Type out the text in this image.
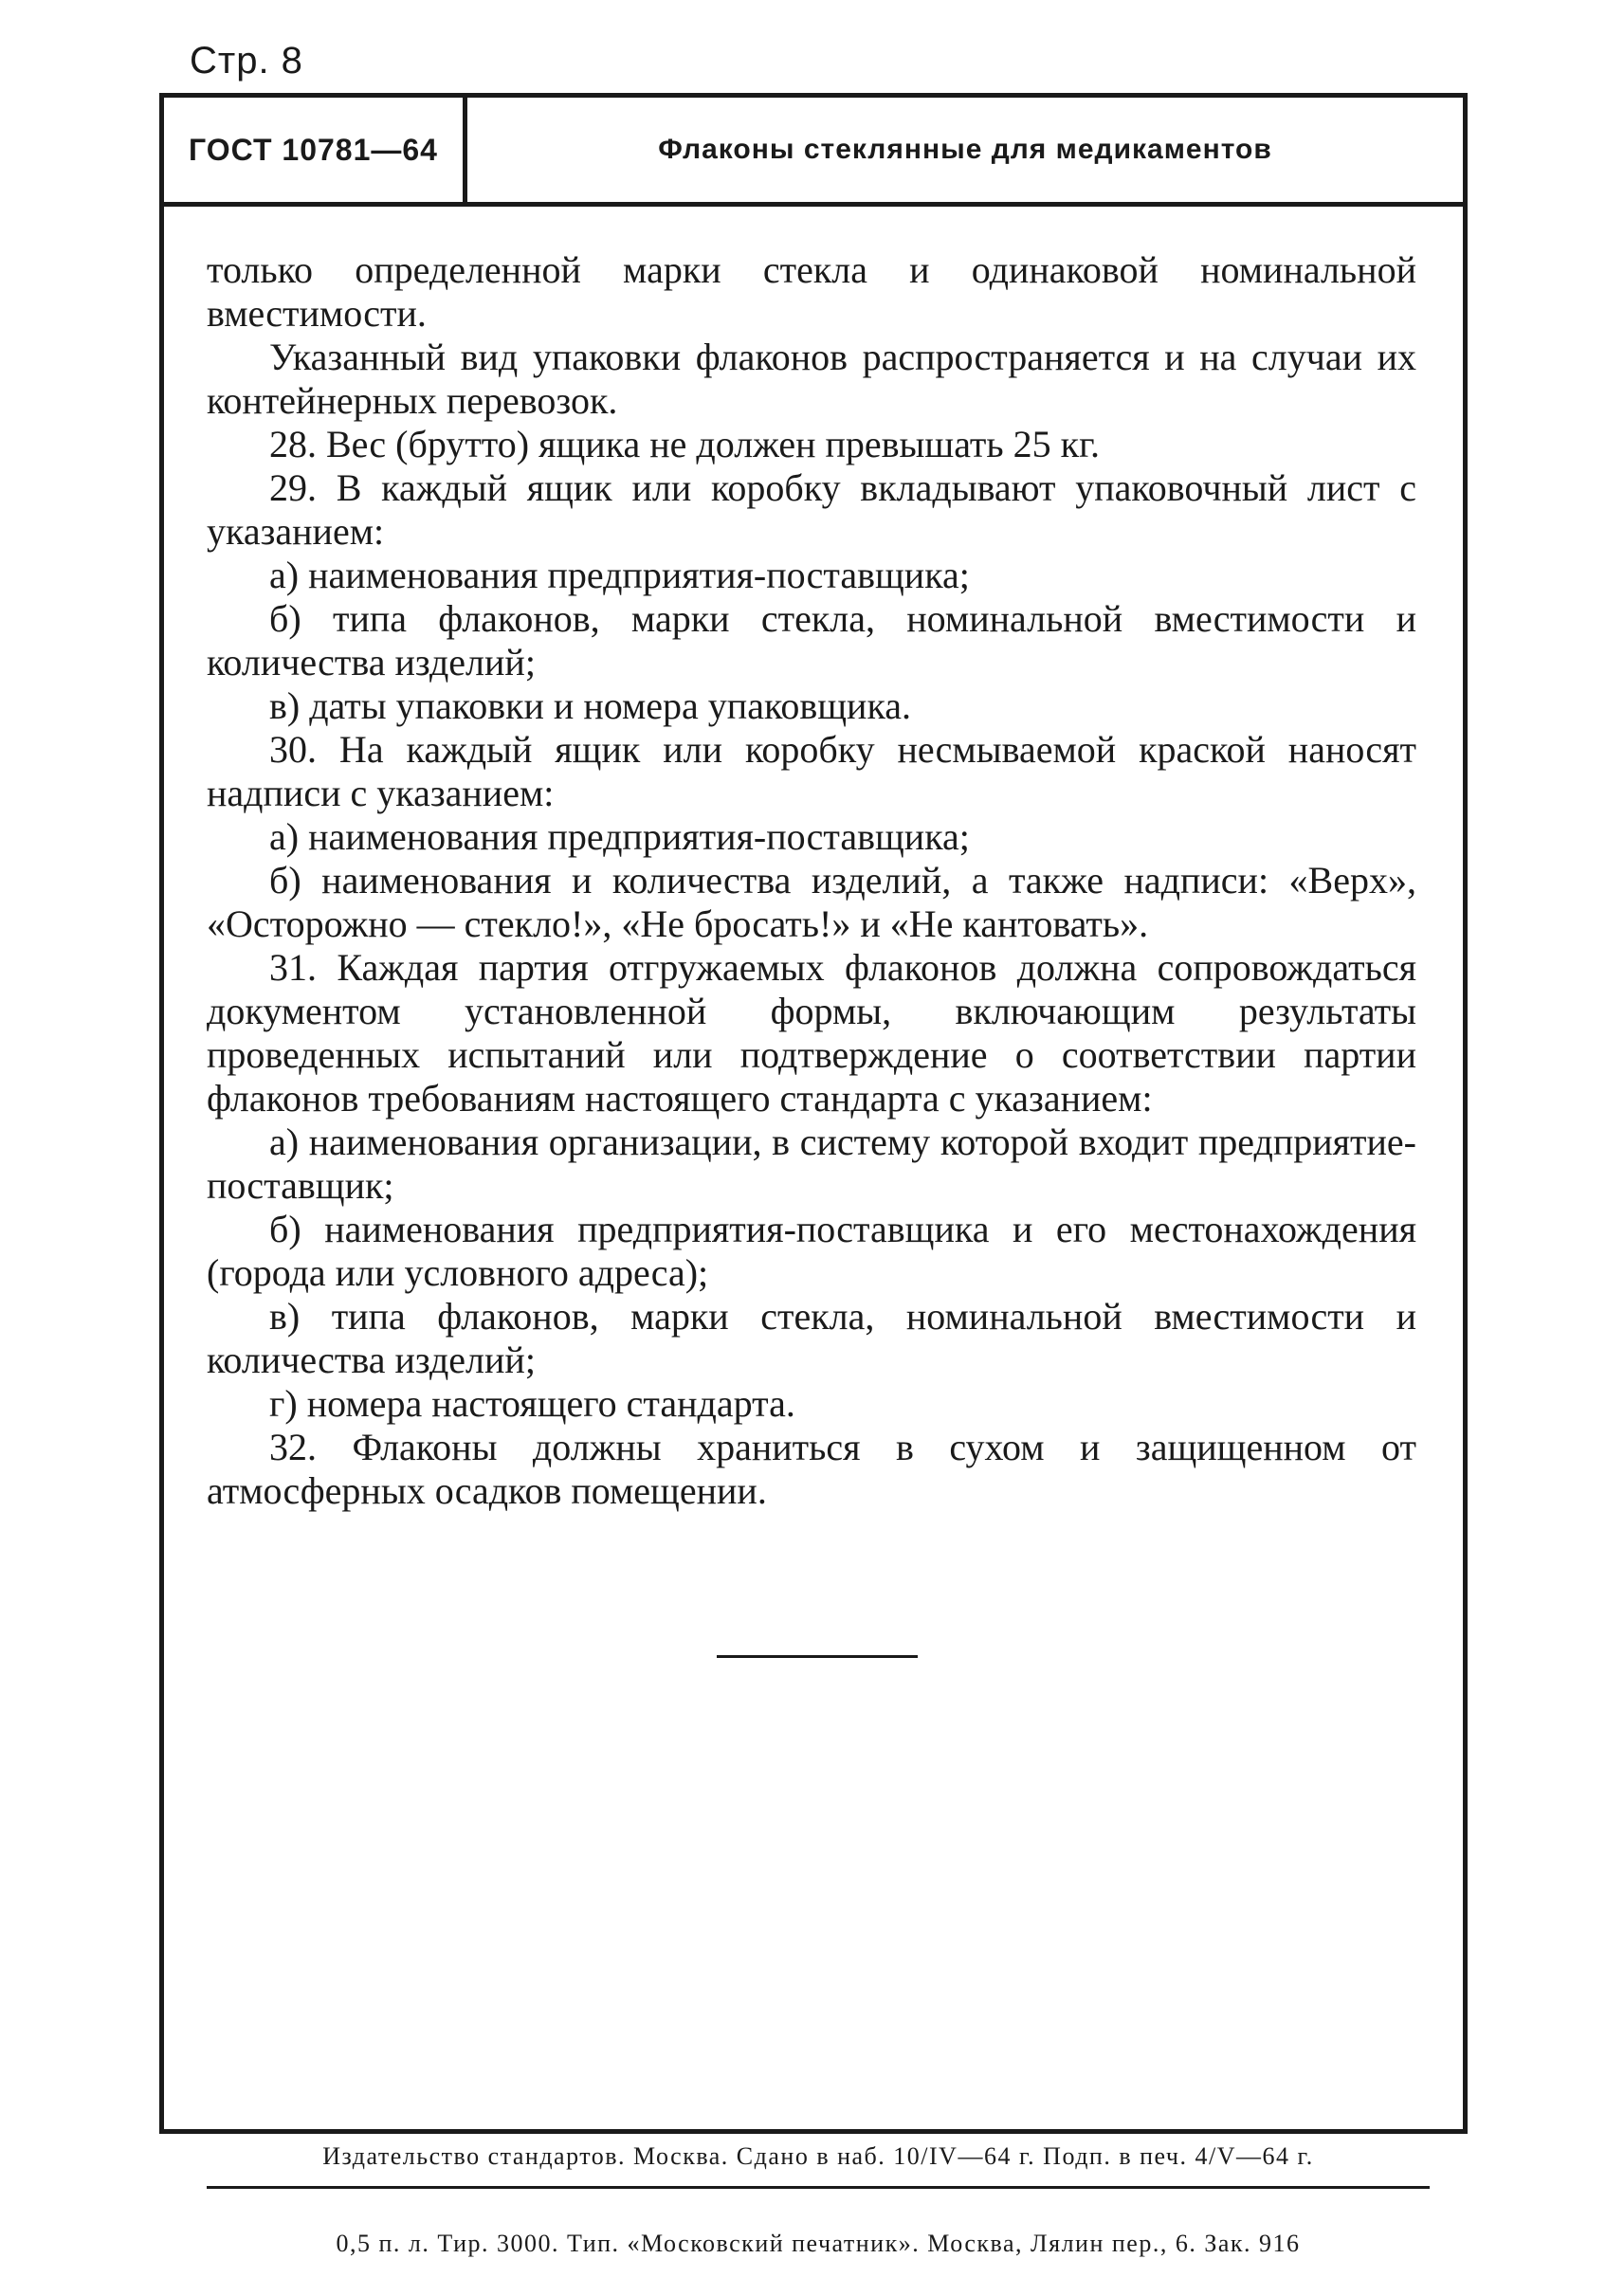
Стр. 8
ГОСТ 10781—64	Флаконы стеклянные для медикаментов

только определенной марки стекла и одинаковой номинальной вместимости.

Указанный вид упаковки флаконов распространяется и на случаи их контейнерных перевозок.

28. Вес (брутто) ящика не должен превышать 25 кг.

29. В каждый ящик или коробку вкладывают упаковочный лист с указанием:

а) наименования предприятия-поставщика;

б) типа флаконов, марки стекла, номинальной вместимости и количества изделий;

в) даты упаковки и номера упаковщика.

30. На каждый ящик или коробку несмываемой краской наносят надписи с указанием:

а) наименования предприятия-поставщика;

б) наименования и количества изделий, а также надписи: «Верх», «Осторожно — стекло!», «Не бросать!» и «Не кантовать».

31. Каждая партия отгружаемых флаконов должна сопровождаться документом установленной формы, включающим результаты проведенных испытаний или подтверждение о соответствии партии флаконов требованиям настоящего стандарта с указанием:

а) наименования организации, в систему которой входит предприятие-поставщик;

б) наименования предприятия-поставщика и его местонахождения (города или условного адреса);

в) типа флаконов, марки стекла, номинальной вместимости и количества изделий;

г) номера настоящего стандарта.

32. Флаконы должны храниться в сухом и защищенном от атмосферных осадков помещении.

Издательство стандартов. Москва. Сдано в наб. 10/IV—64 г. Подп. в печ. 4/V—64 г.
0,5 п. л. Тир. 3000. Тип. «Московский печатник». Москва, Лялин пер., 6. Зак. 916
